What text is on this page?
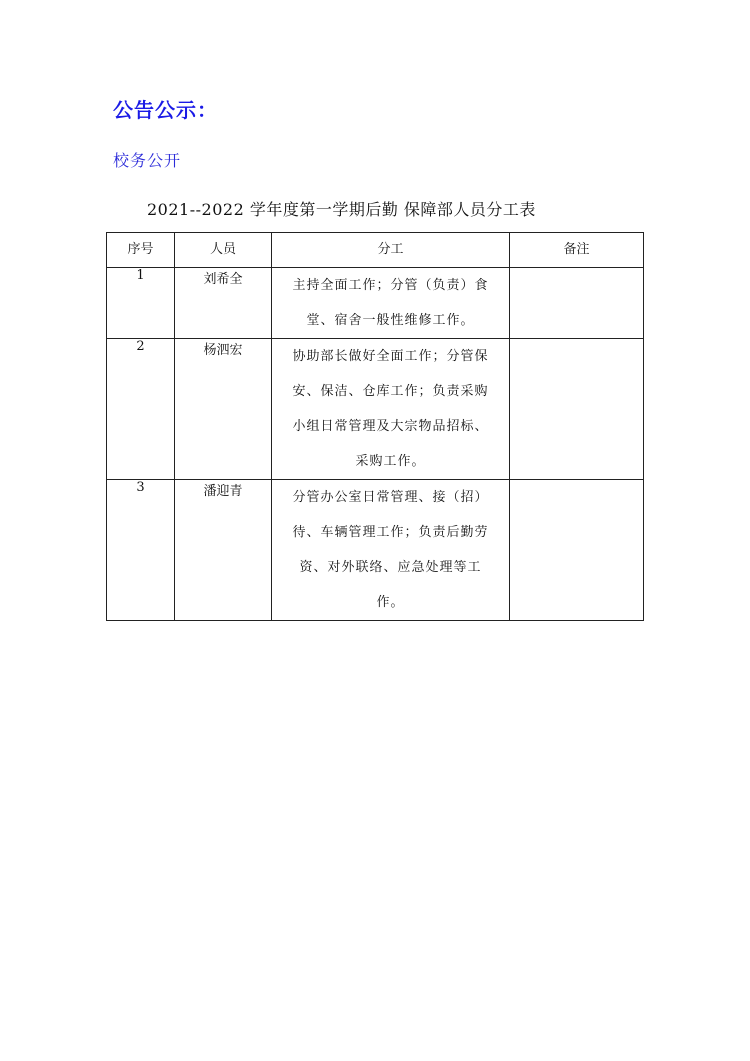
公告公示：
校务公开
2021--2022 学年度第一学期后勤 保障部人员分工表
序号	人员	分工	备注
1	刘希全	主持全面工作；分管（负责）食
堂、宿舍一般性维修工作。	

2	杨泗宏	协助部长做好全面工作；分管保
安、保洁、仓库工作；负责采购
小组日常管理及大宗物品招标、
采购工作。	

3	潘迎青	分管办公室日常管理、接（招）
待、车辆管理工作；负责后勤劳
资、对外联络、应急处理等工
作。	
